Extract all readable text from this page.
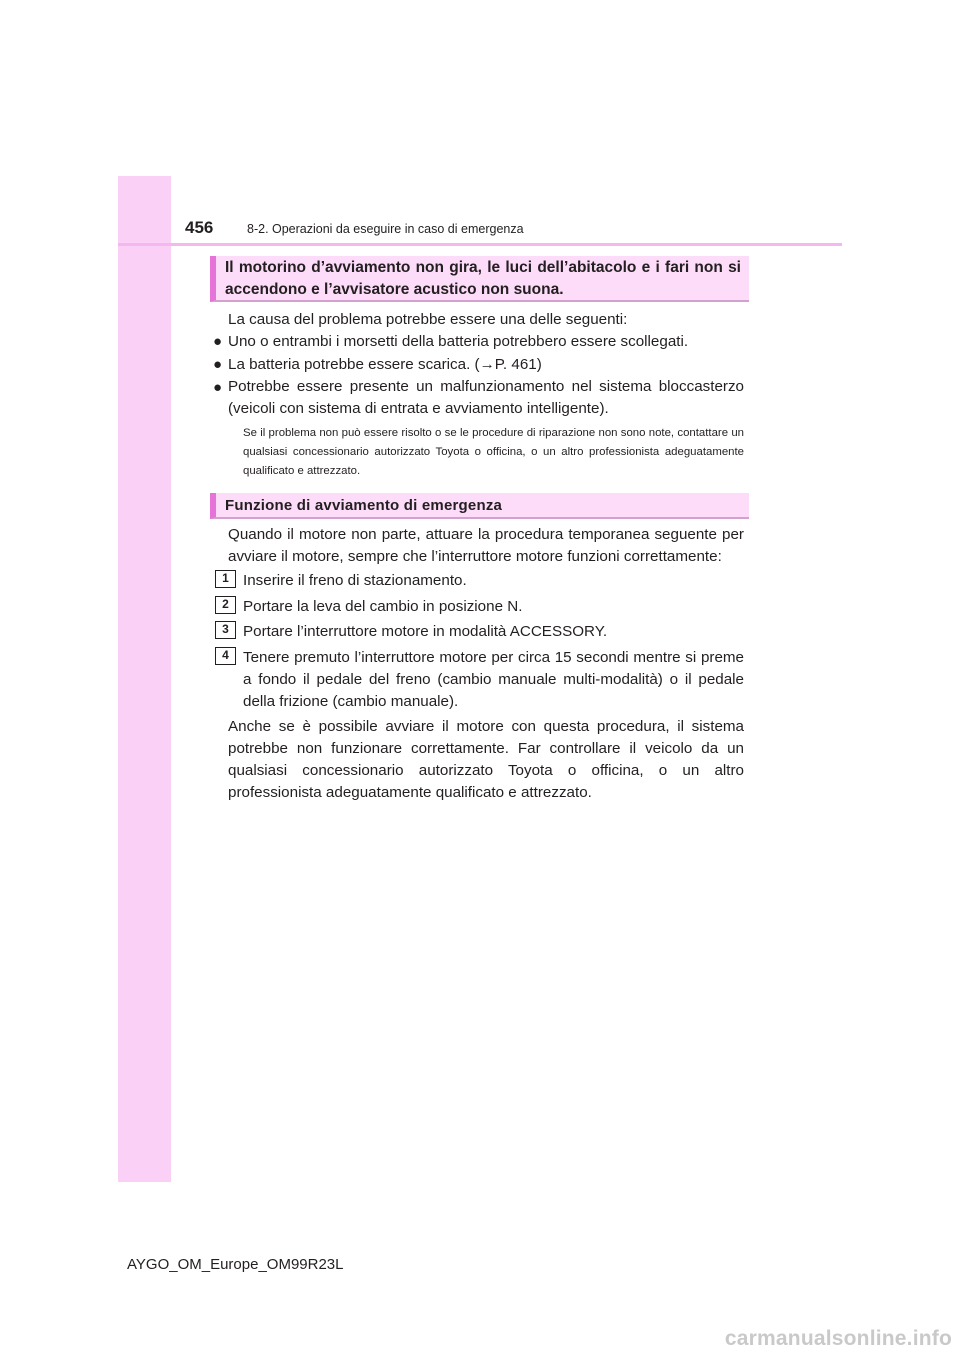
456	8-2. Operazioni da eseguire in caso di emergenza
Il motorino d’avviamento non gira, le luci dell’abitacolo e i fari non si
accendono e l’avvisatore acustico non suona.
La causa del problema potrebbe essere una delle seguenti:
● Uno o entrambi i morsetti della batteria potrebbero essere scollegati.
● La batteria potrebbe essere scarica. (→P. 461)
● Potrebbe essere presente un malfunzionamento nel sistema bloccasterzo (veicoli con sistema di entrata e avviamento intelligente).
Se il problema non può essere risolto o se le procedure di riparazione non sono note, contattare un qualsiasi concessionario autorizzato Toyota o officina, o un altro professionista adeguatamente qualificato e attrezzato.
Funzione di avviamento di emergenza
Quando il motore non parte, attuare la procedura temporanea seguente per avviare il motore, sempre che l’interruttore motore funzioni correttamente:
1 Inserire il freno di stazionamento.
2 Portare la leva del cambio in posizione N.
3 Portare l’interruttore motore in modalità ACCESSORY.
4 Tenere premuto l’interruttore motore per circa 15 secondi mentre si preme a fondo il pedale del freno (cambio manuale multi-modalità) o il pedale della frizione (cambio manuale).
Anche se è possibile avviare il motore con questa procedura, il sistema potrebbe non funzionare correttamente. Far controllare il veicolo da un qualsiasi concessionario autorizzato Toyota o officina, o un altro professionista adeguatamente qualificato e attrezzato.
AYGO_OM_Europe_OM99R23L
carmanualsonline.info
